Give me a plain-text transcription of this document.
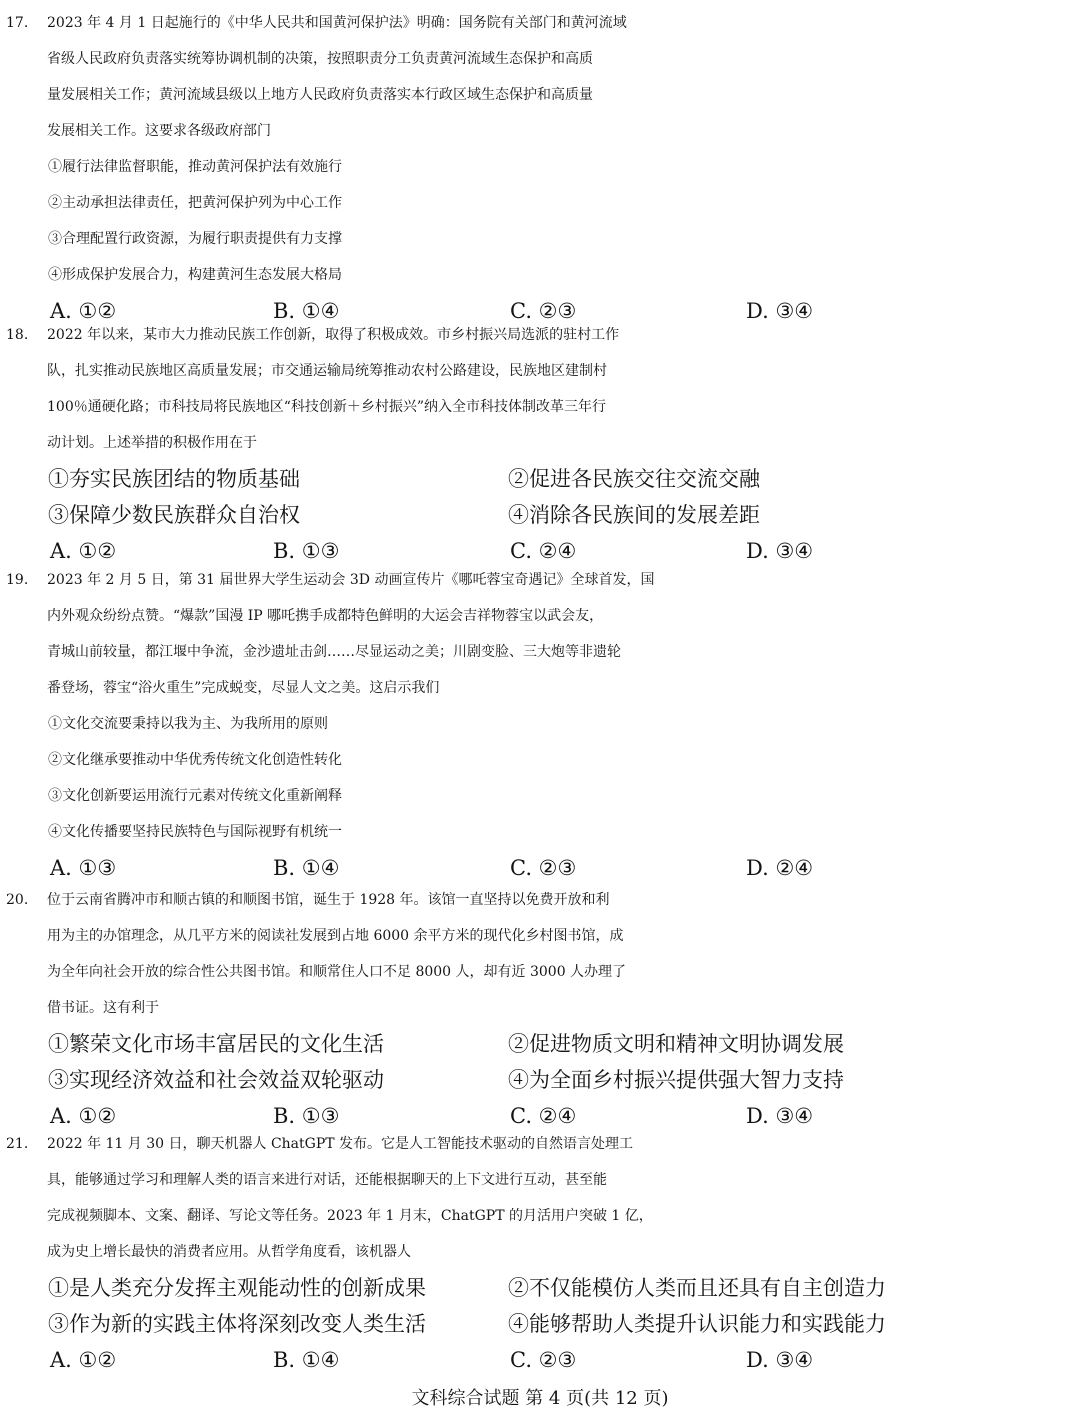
17. 2023 年 4 月 1 日起施行的《中华人民共和国黄河保护法》明确：国务院有关部门和黄河流域
省级人民政府负责落实统筹协调机制的决策，按照职责分工负责黄河流域生态保护和高质
量发展相关工作；黄河流域县级以上地方人民政府负责落实本行政区域生态保护和高质量
发展相关工作。这要求各级政府部门
①履行法律监督职能，推动黄河保护法有效施行
②主动承担法律责任，把黄河保护列为中心工作
③合理配置行政资源，为履行职责提供有力支撑
④形成保护发展合力，构建黄河生态发展大格局
A. ①②	B. ①④	C. ②③	D. ③④
18. 2022 年以来，某市大力推动民族工作创新，取得了积极成效。市乡村振兴局选派的驻村工作
队，扎实推动民族地区高质量发展；市交通运输局统筹推动农村公路建设，民族地区建制村
100％通硬化路；市科技局将民族地区“科技创新＋乡村振兴”纳入全市科技体制改革三年行
动计划。上述举措的积极作用在于
①夯实民族团结的物质基础	②促进各民族交往交流交融
③保障少数民族群众自治权	④消除各民族间的发展差距
A. ①②	B. ①③	C. ②④	D. ③④
19. 2023 年 2 月 5 日，第 31 届世界大学生运动会 3D 动画宣传片《哪吒蓉宝奇遇记》全球首发，国
内外观众纷纷点赞。“爆款”国漫 IP 哪吒携手成都特色鲜明的大运会吉祥物蓉宝以武会友，
青城山前较量，都江堰中争流，金沙遗址击剑……尽显运动之美；川剧变脸、三大炮等非遗轮
番登场，蓉宝“浴火重生”完成蜕变，尽显人文之美。这启示我们
①文化交流要秉持以我为主、为我所用的原则
②文化继承要推动中华优秀传统文化创造性转化
③文化创新要运用流行元素对传统文化重新阐释
④文化传播要坚持民族特色与国际视野有机统一
A. ①③	B. ①④	C. ②③	D. ②④
20. 位于云南省腾冲市和顺古镇的和顺图书馆，诞生于 1928 年。该馆一直坚持以免费开放和利
用为主的办馆理念，从几平方米的阅读社发展到占地 6000 余平方米的现代化乡村图书馆，成
为全年向社会开放的综合性公共图书馆。和顺常住人口不足 8000 人，却有近 3000 人办理了
借书证。这有利于
①繁荣文化市场丰富居民的文化生活	②促进物质文明和精神文明协调发展
③实现经济效益和社会效益双轮驱动	④为全面乡村振兴提供强大智力支持
A. ①②	B. ①③	C. ②④	D. ③④
21. 2022 年 11 月 30 日，聊天机器人 ChatGPT 发布。它是人工智能技术驱动的自然语言处理工
具，能够通过学习和理解人类的语言来进行对话，还能根据聊天的上下文进行互动，甚至能
完成视频脚本、文案、翻译、写论文等任务。2023 年 1 月末，ChatGPT 的月活用户突破 1 亿，
成为史上增长最快的消费者应用。从哲学角度看，该机器人
①是人类充分发挥主观能动性的创新成果	②不仅能模仿人类而且还具有自主创造力
③作为新的实践主体将深刻改变人类生活	④能够帮助人类提升认识能力和实践能力
A. ①②	B. ①④	C. ②③	D. ③④
文科综合试题 第 4 页(共 12 页)
